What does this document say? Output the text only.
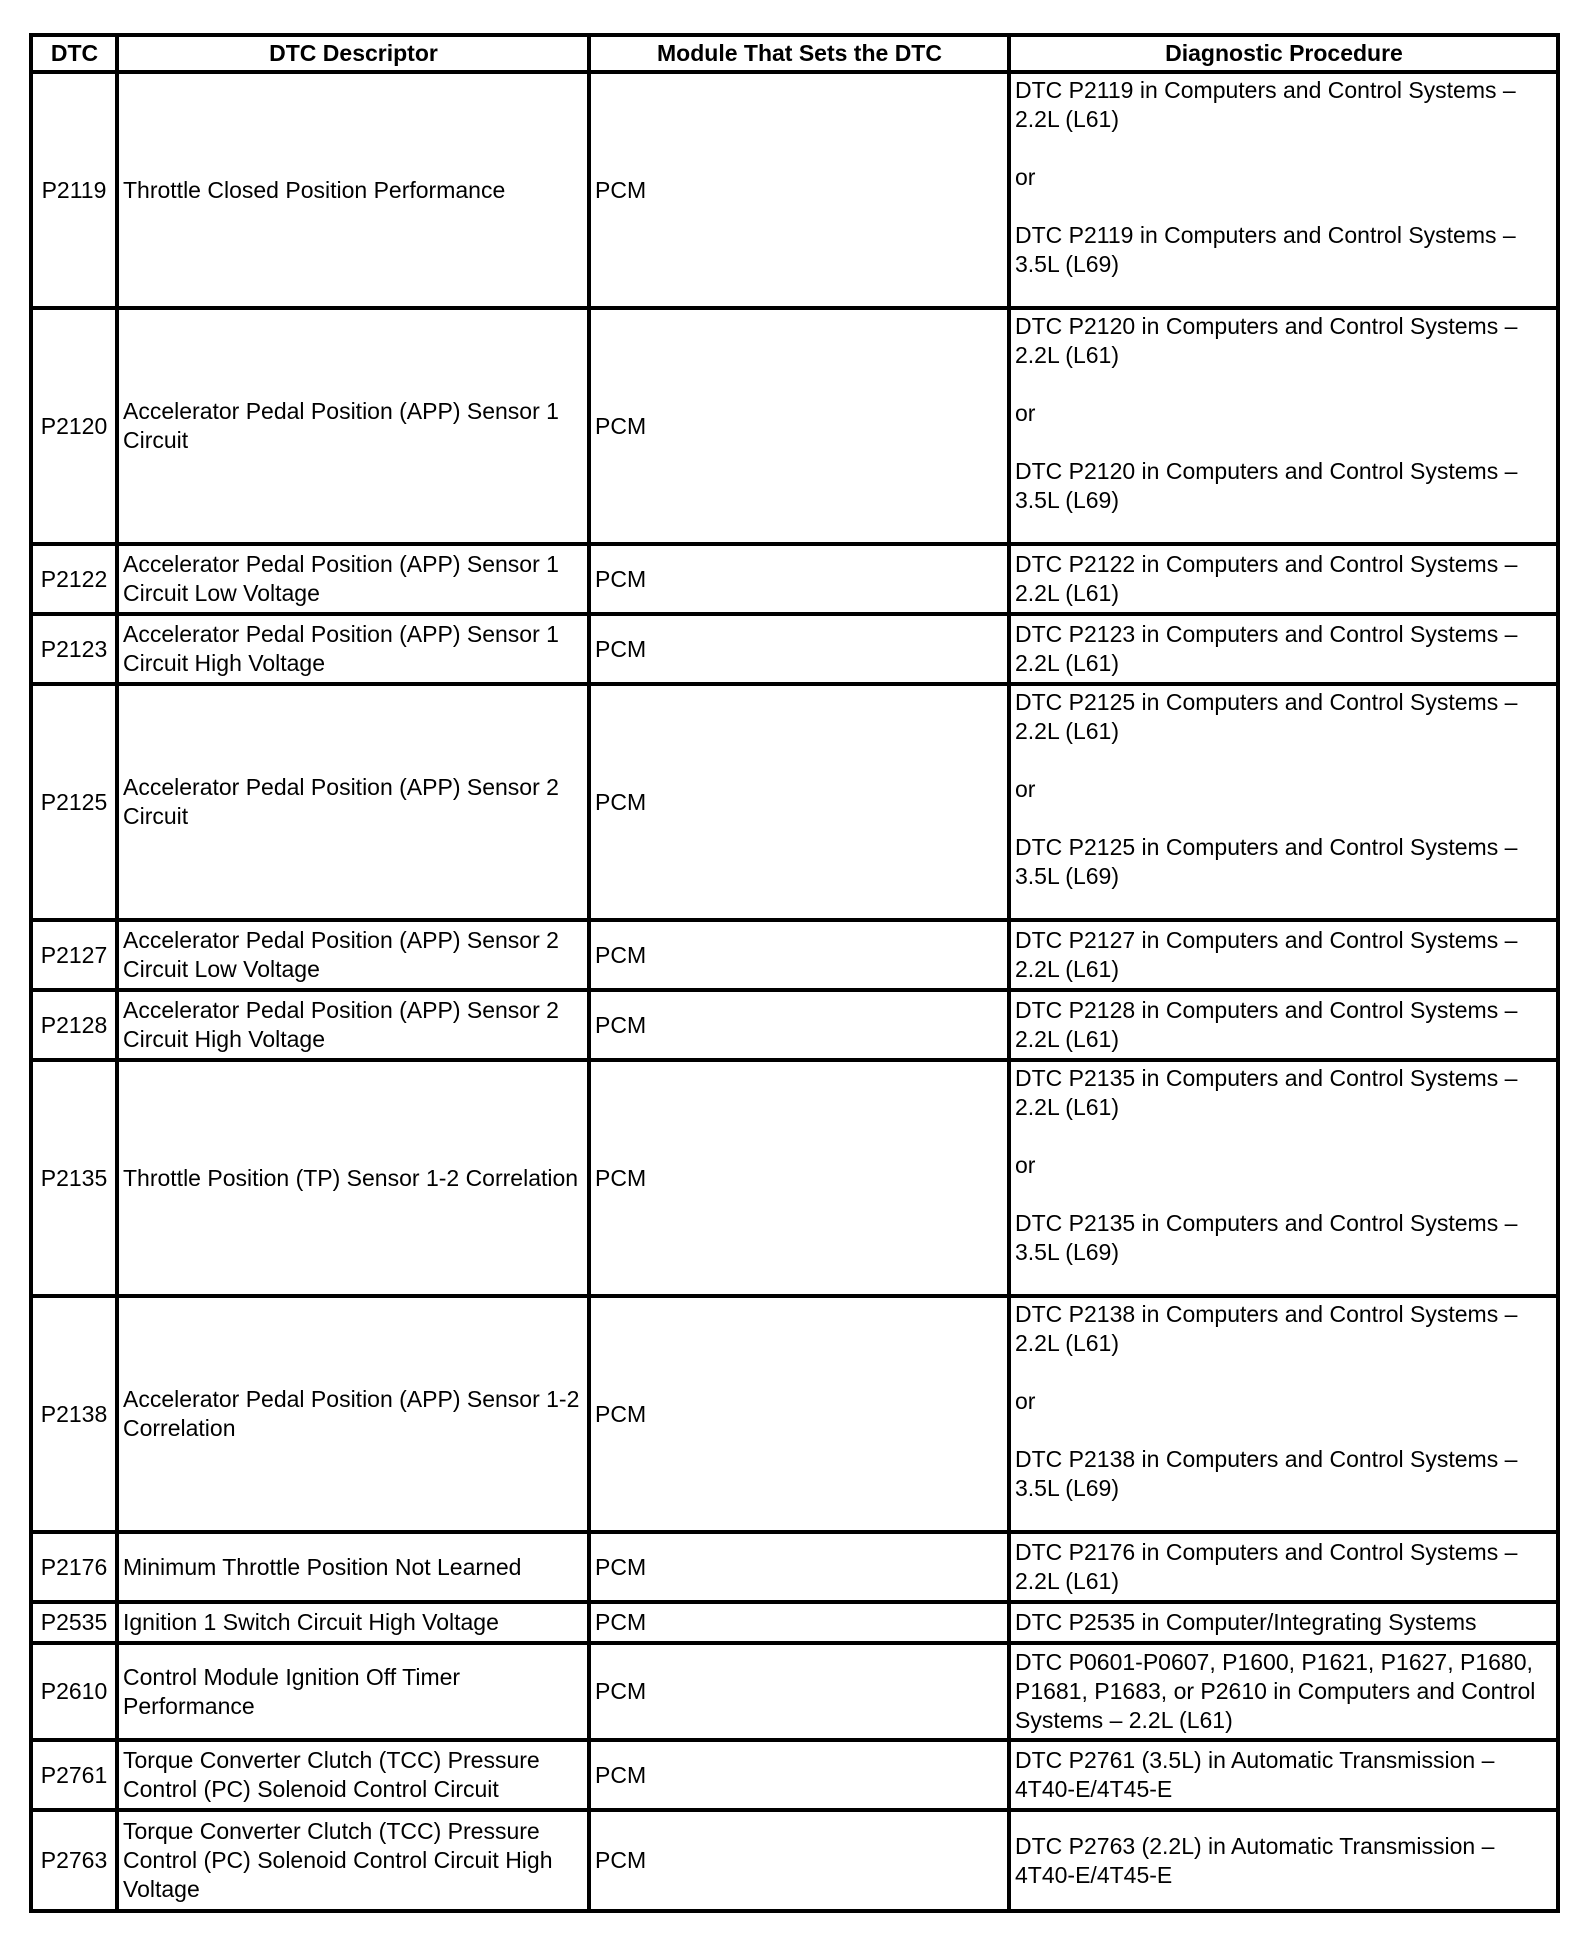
DTC	DTC Descriptor	Module That Sets the DTC	Diagnostic Procedure
P2119	Throttle Closed Position Performance	PCM	DTC P2119 in Computers and Control Systems – 2.2L (L61)

or

DTC P2119 in Computers and Control Systems – 3.5L (L69)
P2120	Accelerator Pedal Position (APP) Sensor 1 Circuit	PCM	DTC P2120 in Computers and Control Systems – 2.2L (L61)

or

DTC P2120 in Computers and Control Systems – 3.5L (L69)
P2122	Accelerator Pedal Position (APP) Sensor 1 Circuit Low Voltage	PCM	DTC P2122 in Computers and Control Systems – 2.2L (L61)
P2123	Accelerator Pedal Position (APP) Sensor 1 Circuit High Voltage	PCM	DTC P2123 in Computers and Control Systems – 2.2L (L61)
P2125	Accelerator Pedal Position (APP) Sensor 2 Circuit	PCM	DTC P2125 in Computers and Control Systems – 2.2L (L61)

or

DTC P2125 in Computers and Control Systems – 3.5L (L69)
P2127	Accelerator Pedal Position (APP) Sensor 2 Circuit Low Voltage	PCM	DTC P2127 in Computers and Control Systems – 2.2L (L61)
P2128	Accelerator Pedal Position (APP) Sensor 2 Circuit High Voltage	PCM	DTC P2128 in Computers and Control Systems – 2.2L (L61)
P2135	Throttle Position (TP) Sensor 1-2 Correlation	PCM	DTC P2135 in Computers and Control Systems – 2.2L (L61)

or

DTC P2135 in Computers and Control Systems – 3.5L (L69)
P2138	Accelerator Pedal Position (APP) Sensor 1-2 Correlation	PCM	DTC P2138 in Computers and Control Systems – 2.2L (L61)

or

DTC P2138 in Computers and Control Systems – 3.5L (L69)
P2176	Minimum Throttle Position Not Learned	PCM	DTC P2176 in Computers and Control Systems – 2.2L (L61)
P2535	Ignition 1 Switch Circuit High Voltage	PCM	DTC P2535 in Computer/Integrating Systems
P2610	Control Module Ignition Off Timer Performance	PCM	DTC P0601-P0607, P1600, P1621, P1627, P1680, P1681, P1683, or P2610 in Computers and Control Systems – 2.2L (L61)
P2761	Torque Converter Clutch (TCC) Pressure Control (PC) Solenoid Control Circuit	PCM	DTC P2761 (3.5L) in Automatic Transmission – 4T40-E/4T45-E
P2763	Torque Converter Clutch (TCC) Pressure Control (PC) Solenoid Control Circuit High Voltage	PCM	DTC P2763 (2.2L) in Automatic Transmission – 4T40-E/4T45-E
